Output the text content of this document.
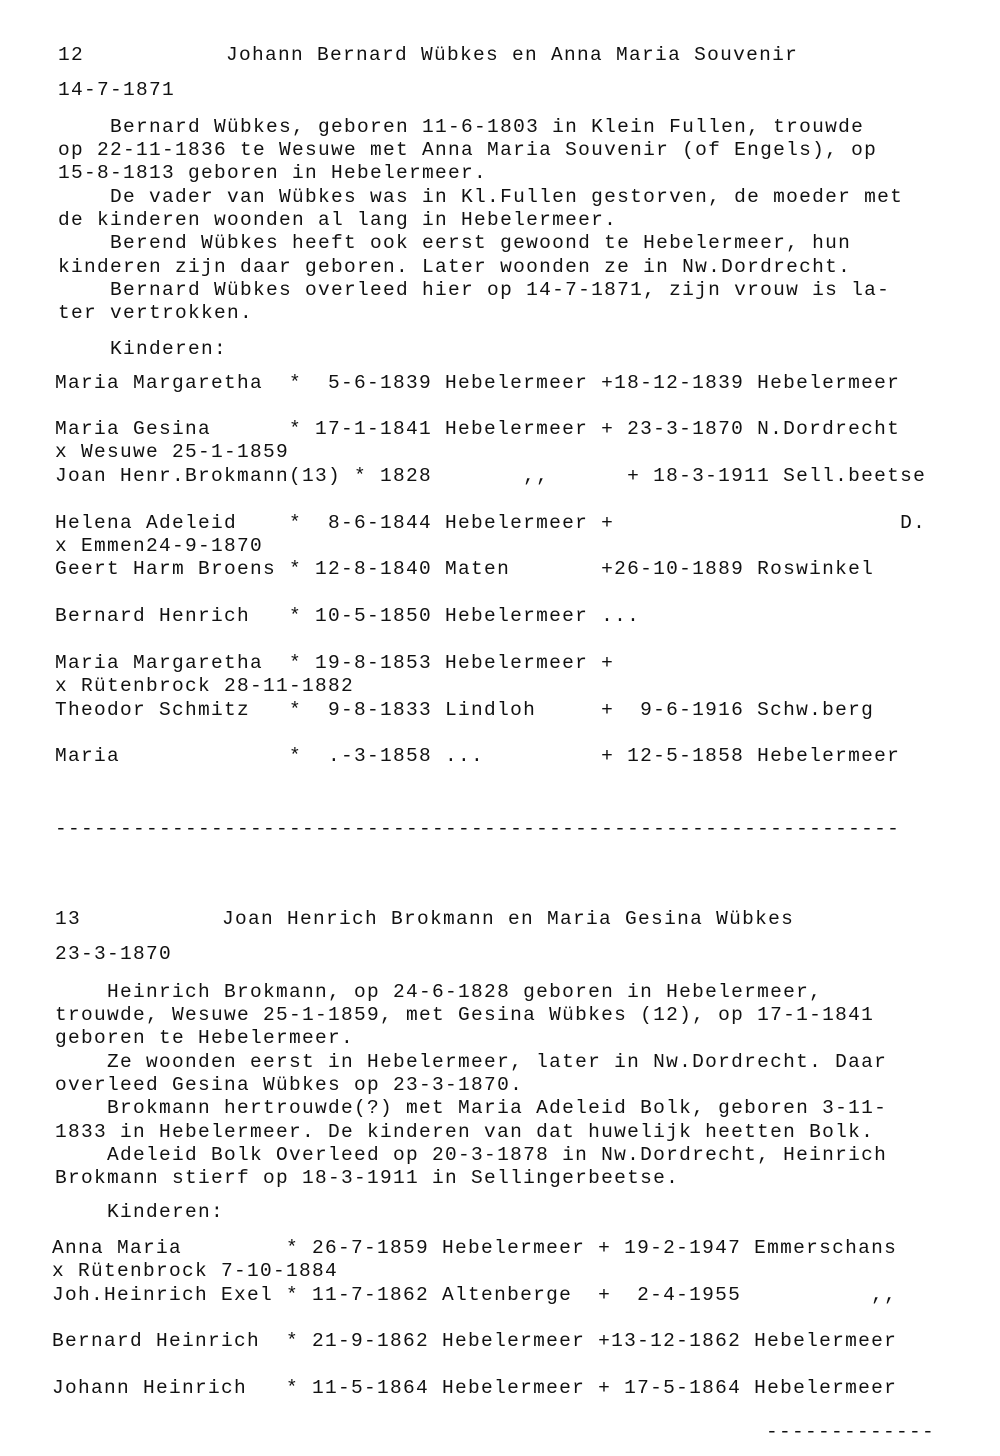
12	Johann Bernard Wübkes en Anna Maria Souvenir
14-7-1871
Bernard Wübkes, geboren 11-6-1803 in Klein Fullen, trouwde
op 22-11-1836 te Wesuwe met Anna Maria Souvenir (of Engels), op
15-8-1813 geboren in Hebelermeer.
De vader van Wübkes was in Kl.Fullen gestorven, de moeder met
de kinderen woonden al lang in Hebelermeer.
Berend Wübkes heeft ook eerst gewoond te Hebelermeer, hun
kinderen zijn daar geboren. Later woonden ze in Nw.Dordrecht.
Bernard Wübkes overleed hier op 14-7-1871, zijn vrouw is la-
ter vertrokken.
Kinderen:
Maria Margaretha  *  5-6-1839 Hebelermeer +18-12-1839 Hebelermeer
Maria Gesina      * 17-1-1841 Hebelermeer + 23-3-1870 N.Dordrecht
x Wesuwe 25-1-1859
Joan Henr.Brokmann(13) * 1828       ,,      + 18-3-1911 Sell.beetse
Helena Adeleid    *  8-6-1844 Hebelermeer +                      D.
x Emmen24-9-1870
Geert Harm Broens * 12-8-1840 Maten       +26-10-1889 Roswinkel
Bernard Henrich   * 10-5-1850 Hebelermeer ...
Maria Margaretha  * 19-8-1853 Hebelermeer +
x Rütenbrock 28-11-1882
Theodor Schmitz   *  9-8-1833 Lindloh     +  9-6-1916 Schw.berg
Maria             *  .-3-1858 ...         + 12-5-1858 Hebelermeer
-----------------------------------------------------------------
13	Joan Henrich Brokmann en Maria Gesina Wübkes
23-3-1870
Heinrich Brokmann, op 24-6-1828 geboren in Hebelermeer,
trouwde, Wesuwe 25-1-1859, met Gesina Wübkes (12), op 17-1-1841
geboren te Hebelermeer.
Ze woonden eerst in Hebelermeer, later in Nw.Dordrecht. Daar
overleed Gesina Wübkes op 23-3-1870.
Brokmann hertrouwde(?) met Maria Adeleid Bolk, geboren 3-11-
1833 in Hebelermeer. De kinderen van dat huwelijk heetten Bolk.
Adeleid Bolk Overleed op 20-3-1878 in Nw.Dordrecht, Heinrich
Brokmann stierf op 18-3-1911 in Sellingerbeetse.
Kinderen:
Anna Maria        * 26-7-1859 Hebelermeer + 19-2-1947 Emmerschans
x Rütenbrock 7-10-1884
Joh.Heinrich Exel * 11-7-1862 Altenberge  +  2-4-1955          ,,
Bernard Heinrich  * 21-9-1862 Hebelermeer +13-12-1862 Hebelermeer
Johann Heinrich   * 11-5-1864 Hebelermeer + 17-5-1864 Hebelermeer
-------------
